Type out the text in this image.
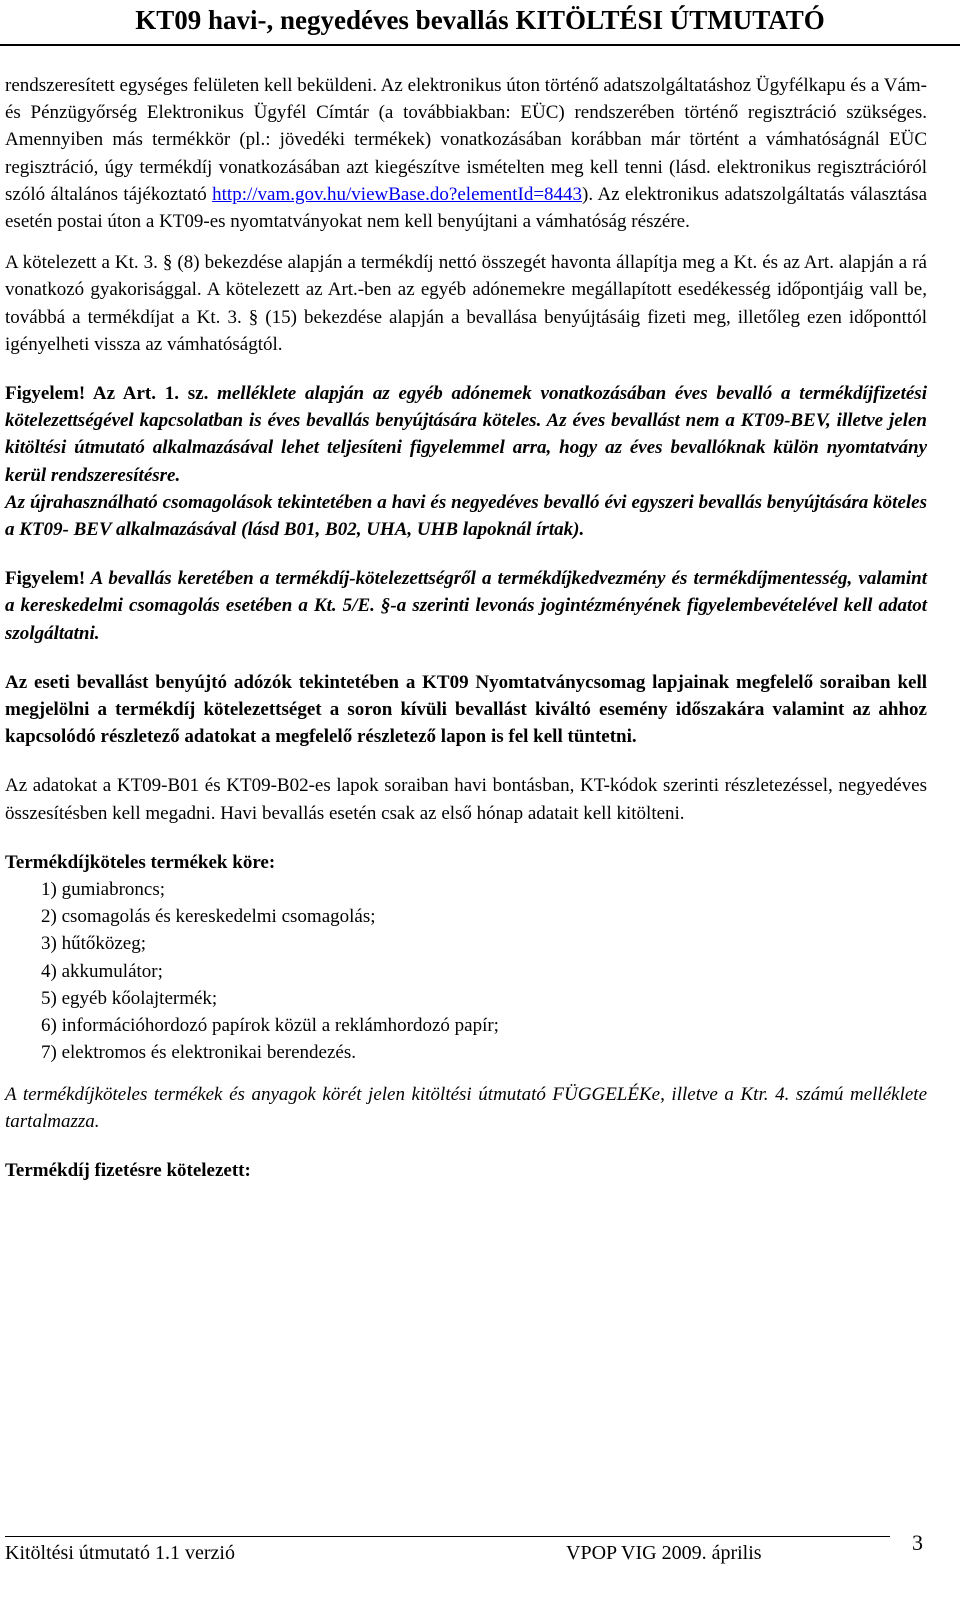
KT09 havi-, negyedéves bevallás KITÖLTÉSI ÚTMUTATÓ

rendszeresített egységes felületen kell beküldeni. Az elektronikus úton történő adatszolgáltatáshoz Ügyfélkapu és a Vám- és Pénzügyőrség Elektronikus Ügyfél Címtár (a továbbiakban: EÜC) rendszerében történő regisztráció szükséges. Amennyiben más termékkör (pl.: jövedéki termékek) vonatkozásában korábban már történt a vámhatóságnál EÜC regisztráció, úgy termékdíj vonatkozásában azt kiegészítve ismételten meg kell tenni (lásd. elektronikus regisztrációról szóló általános tájékoztató http://vam.gov.hu/viewBase.do?elementId=8443). Az elektronikus adatszolgáltatás választása esetén postai úton a KT09-es nyomtatványokat nem kell benyújtani a vámhatóság részére.

A kötelezett a Kt. 3. § (8) bekezdése alapján a termékdíj nettó összegét havonta állapítja meg a Kt. és az Art. alapján a rá vonatkozó gyakorisággal. A kötelezett az Art.-ben az egyéb adónemekre megállapított esedékesség időpontjáig vall be, továbbá a termékdíjat a Kt. 3. § (15) bekezdése alapján a bevallása benyújtásáig fizeti meg, illetőleg ezen időponttól igényelheti vissza az vámhatóságtól.

Figyelem! Az Art. 1. sz. melléklete alapján az egyéb adónemek vonatkozásában éves bevalló a termékdíjfizetési kötelezettségével kapcsolatban is éves bevallás benyújtására köteles. Az éves bevallást nem a KT09-BEV, illetve jelen kitöltési útmutató alkalmazásával lehet teljesíteni figyelemmel arra, hogy az éves bevallóknak külön nyomtatvány kerül rendszeresítésre.

Az újrahasználható csomagolások tekintetében a havi és negyedéves bevalló évi egyszeri bevallás benyújtására köteles a KT09- BEV alkalmazásával (lásd B01, B02, UHA, UHB lapoknál írtak).

Figyelem! A bevallás keretében a termékdíj-kötelezettségről a termékdíjkedvezmény és termékdíjmentesség, valamint a kereskedelmi csomagolás esetében a Kt. 5/E. §-a szerinti levonás jogintézményének figyelembevételével kell adatot szolgáltatni.

Az eseti bevallást benyújtó adózók tekintetében a KT09 Nyomtatványcsomag lapjainak megfelelő soraiban kell megjelölni a termékdíj kötelezettséget a soron kívüli bevallást kiváltó esemény időszakára valamint az ahhoz kapcsolódó részletező adatokat a megfelelő részletező lapon is fel kell tüntetni.

Az adatokat a KT09-B01 és KT09-B02-es lapok soraiban havi bontásban, KT-kódok szerinti részletezéssel, negyedéves összesítésben kell megadni. Havi bevallás esetén csak az első hónap adatait kell kitölteni.

Termékdíjköteles termékek köre:

1) gumiabroncs;
2) csomagolás és kereskedelmi csomagolás;
3) hűtőközeg;
4) akkumulátor;
5) egyéb kőolajtermék;
6) információhordozó papírok közül a reklámhordozó papír;
7) elektromos és elektronikai berendezés.

A termékdíjköteles termékek és anyagok körét jelen kitöltési útmutató FÜGGELÉKe, illetve a Ktr. 4. számú melléklete tartalmazza.

Termékdíj fizetésre kötelezett:

Kitöltési útmutató 1.1 verzió	VPOP VIG 2009. április	3
